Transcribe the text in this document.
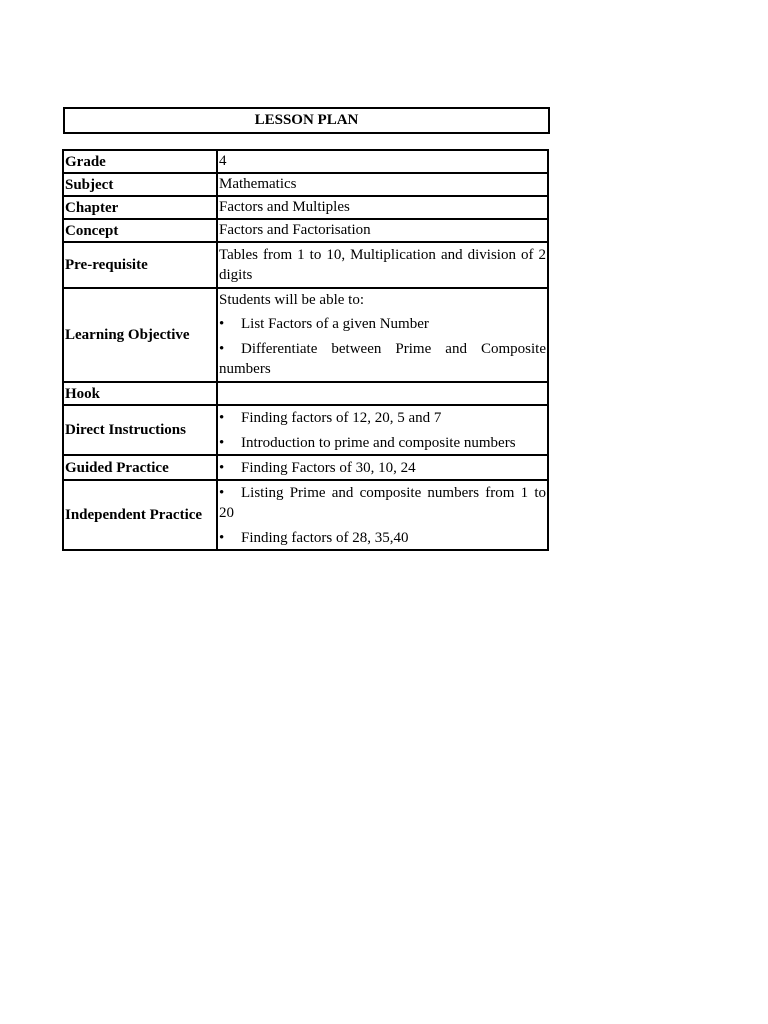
LESSON PLAN
Grade	4
Subject	Mathematics
Chapter	Factors and Multiples
Concept	Factors and Factorisation
Pre-requisite	Tables from 1 to 10, Multiplication and division of 2 digits
Learning Objective	Students will be able to:
• List Factors of a given Number
• Differentiate between Prime and Composite numbers

Hook	
Direct Instructions	• Finding factors of 12, 20, 5 and 7
• Introduction to prime and composite numbers

Guided Practice	• Finding Factors of 30, 10, 24

Independent Practice	• Listing Prime and composite numbers from 1 to 20
• Finding factors of 28, 35,40
